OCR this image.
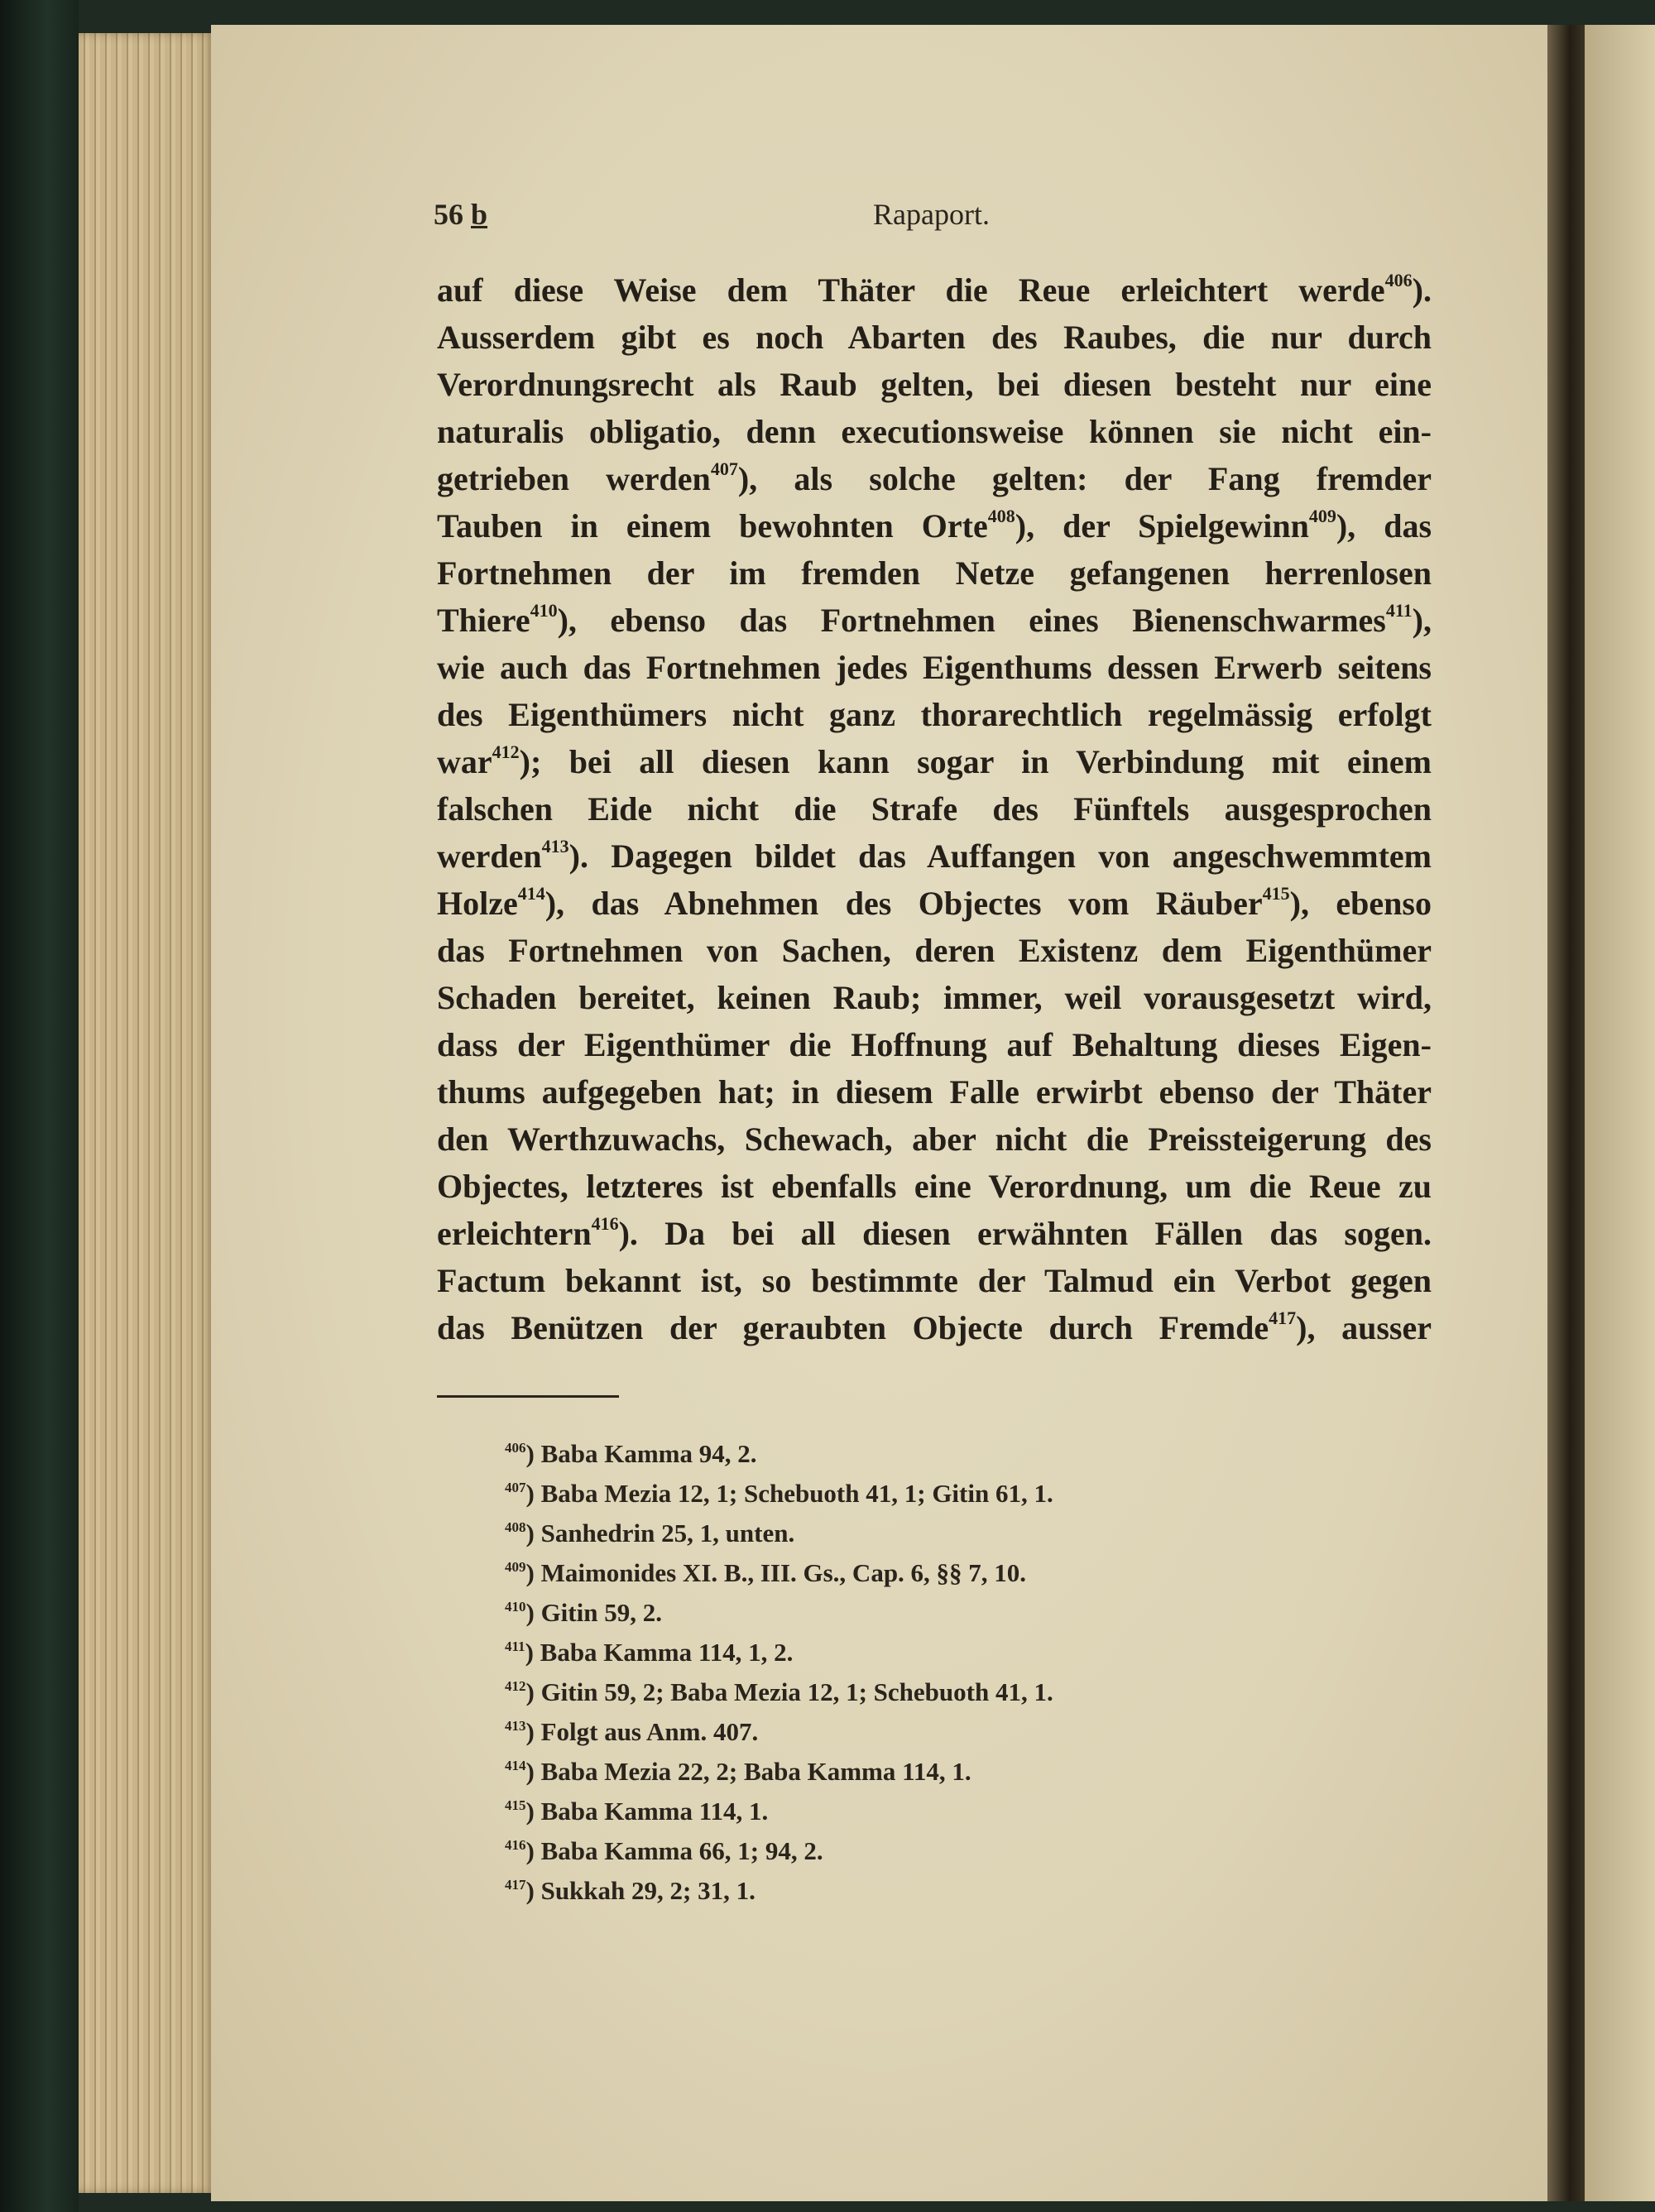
56 b	Rapaport.
auf diese Weise dem Thäter die Reue erleichtert werde$^{406}$).
Ausserdem gibt es noch Abarten des Raubes, die nur durch
Verordnungsrecht als Raub gelten, bei diesen besteht nur eine
naturalis obligatio, denn executionsweise können sie nicht ein-
getrieben werden$^{407}$), als solche gelten: der Fang fremder
Tauben in einem bewohnten Orte$^{408}$), der Spielgewinn$^{409}$), das
Fortnehmen der im fremden Netze gefangenen herrenlosen
Thiere$^{410}$), ebenso das Fortnehmen eines Bienenschwarmes$^{411}$),
wie auch das Fortnehmen jedes Eigenthums dessen Erwerb seitens
des Eigenthümers nicht ganz thorarechtlich regelmässig erfolgt
war$^{412}$); bei all diesen kann sogar in Verbindung mit einem
falschen Eide nicht die Strafe des Fünftels ausgesprochen
werden$^{413}$). Dagegen bildet das Auffangen von angeschwemmtem
Holze$^{414}$), das Abnehmen des Objectes vom Räuber$^{415}$), ebenso
das Fortnehmen von Sachen, deren Existenz dem Eigenthümer
Schaden bereitet, keinen Raub; immer, weil vorausgesetzt wird,
dass der Eigenthümer die Hoffnung auf Behaltung dieses Eigen-
thums aufgegeben hat; in diesem Falle erwirbt ebenso der Thäter
den Werthzuwachs, Schewach, aber nicht die Preissteigerung des
Objectes, letzteres ist ebenfalls eine Verordnung, um die Reue zu
erleichtern$^{416}$). Da bei all diesen erwähnten Fällen das sogen.
Factum bekannt ist, so bestimmte der Talmud ein Verbot gegen
das Benützen der geraubten Objecte durch Fremde$^{417}$), ausser
$^{406}$) Baba Kamma 94, 2.
$^{407}$) Baba Mezia 12, 1; Schebuoth 41, 1; Gitin 61, 1.
$^{408}$) Sanhedrin 25, 1, unten.
$^{409}$) Maimonides XI. B., III. Gs., Cap. 6, §§ 7, 10.
$^{410}$) Gitin 59, 2.
$^{411}$) Baba Kamma 114, 1, 2.
$^{412}$) Gitin 59, 2; Baba Mezia 12, 1; Schebuoth 41, 1.
$^{413}$) Folgt aus Anm. 407.
$^{414}$) Baba Mezia 22, 2; Baba Kamma 114, 1.
$^{415}$) Baba Kamma 114, 1.
$^{416}$) Baba Kamma 66, 1; 94, 2.
$^{417}$) Sukkah 29, 2; 31, 1.
